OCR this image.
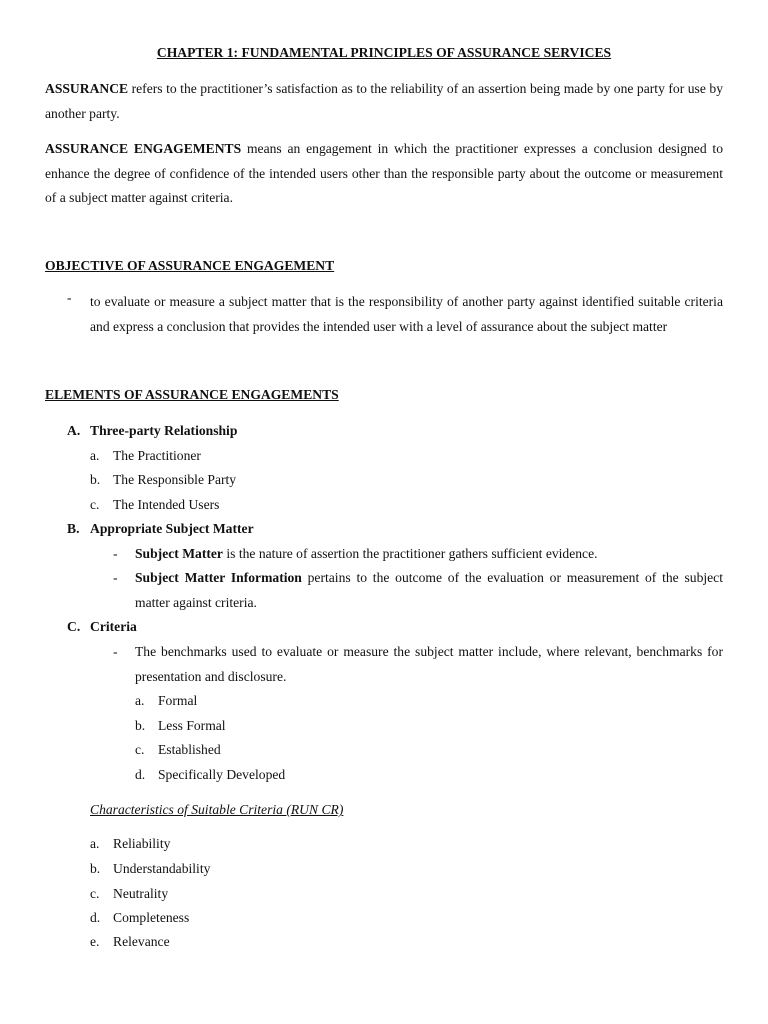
CHAPTER 1: FUNDAMENTAL PRINCIPLES OF ASSURANCE SERVICES
ASSURANCE refers to the practitioner’s satisfaction as to the reliability of an assertion being made by one party for use by another party.
ASSURANCE ENGAGEMENTS means an engagement in which the practitioner expresses a conclusion designed to enhance the degree of confidence of the intended users other than the responsible party about the outcome or measurement of a subject matter against criteria.
OBJECTIVE OF ASSURANCE ENGAGEMENT
- to evaluate or measure a subject matter that is the responsibility of another party against identified suitable criteria and express a conclusion that provides the intended user with a level of assurance about the subject matter
ELEMENTS OF ASSURANCE ENGAGEMENTS
A. Three-party Relationship
a. The Practitioner
b. The Responsible Party
c. The Intended Users
B. Appropriate Subject Matter
- Subject Matter is the nature of assertion the practitioner gathers sufficient evidence.
- Subject Matter Information pertains to the outcome of the evaluation or measurement of the subject matter against criteria.
C. Criteria
- The benchmarks used to evaluate or measure the subject matter include, where relevant, benchmarks for presentation and disclosure.
a. Formal
b. Less Formal
c. Established
d. Specifically Developed
Characteristics of Suitable Criteria (RUN CR)
a. Reliability
b. Understandability
c. Neutrality
d. Completeness
e. Relevance
